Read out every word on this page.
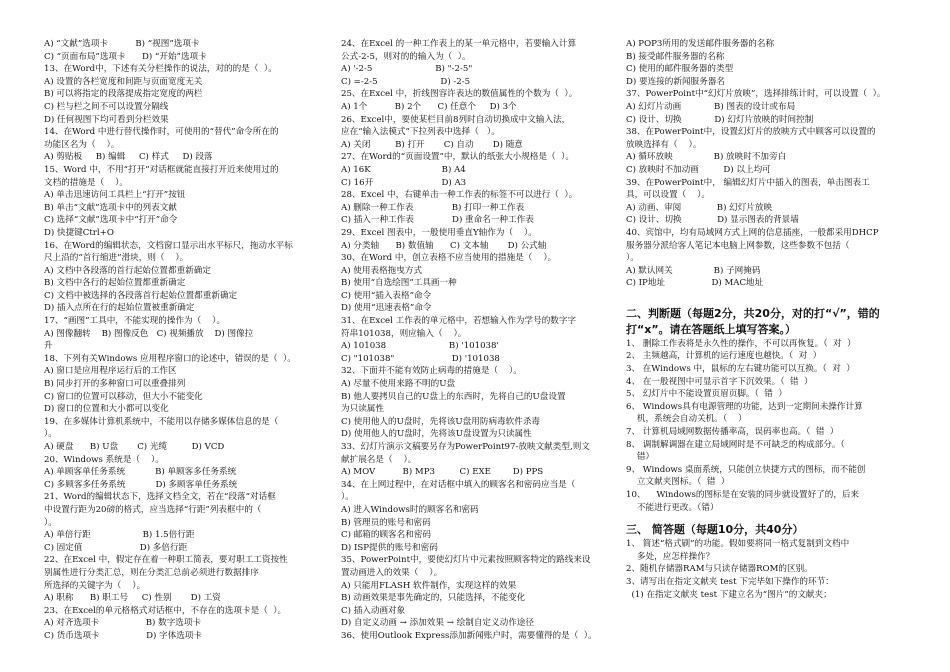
A) “文献”选项卡          B) “视图”选项卡
C) “页面布局”选项卡      D) “开始”选项卡
13、在Word中，下述有关分栏操作的说法，对的的是（  ）。
A) 设置的各栏宽度和间距与页面宽度无关
B) 可以将指定的段落提成指定宽度的两栏
C) 栏与栏之间不可以设置分隔线
D) 任何视图下均可看到分栏效果
14、在Word 中进行替代操作时，可使用的“替代”命令所在的
功能区名为（    ）。
A) 剪贴板     B) 编辑     C) 样式     D) 段落
15、Word 中，不用“打开”对话框就能直接打开近来使用过的
文档的措施是（    ）。
A) 单击迅速访问工具栏上“打开”按钮
B) 单击“文献”选项卡中的列表文献
C) 选择“文献”选项卡中“打开”命令
D) 快捷键Ctrl+O
16、在Word的编辑状态，文档窗口显示出水平标尺，拖动水平标
尺上沿的“首行缩进”滑块，则（    ）。
A) 文档中各段落的首行起始位置都重新确定
B) 文档中各行的起始位置都重新确定
C) 文档中被选择的各段落首行起始位置都重新确定
D) 插入点所在行的起始位置被重新确定
17、“画图”工具中，不能实现的操作为（    ）。
A) 图像翻转    B) 图像反色   C) 视频播放    D) 图像拉
升
18、下列有关Windows 应用程序窗口的论述中，错误的是（  ）。
A) 窗口是应用程序运行后的工作区
B) 同步打开的多种窗口可以重叠排列
C) 窗口的位置可以移动，但大小不能变化
D) 窗口的位置和大小都可以变化
19、在多媒体计算机系统中，不能用以存储多媒体信息的是（
）。
A) 硬盘      B) U盘       C) 光缆         D) VCD
20、Windows 系统是（    ）。
A) 单顾客单任务系统           B) 单顾客多任务系统
C) 多顾客多任务系统           D) 多顾客单任务系统
21、Word的编辑状态下，选择文档全文，若在“段落”对话框
中设置行距为20磅的格式，应当选择“行距”列表框中的（
）。
A) 单倍行距                   B) 1.5倍行距
C) 固定值                     D) 多倍行距
22、在Excel 中，假定存在着一种职工简表，要对职工工资按性
别属性进行分类汇总，则在分类汇总前必须进行数据排序
所选择的关键字为（    ）。
A) 职称      B) 职工号     C) 性别       D) 工资
23、在Excel的单元格格式对话框中，不存在的选项卡是（  ）。
A) 对齐选项卡                 B) 数字选项卡
C) 货币选项卡                 D) 字体选项卡
24、在Excel 的一种工作表上的某一单元格中，若要输入计算
公式-2-5，则对的的输入为（  ）。
A) '-2-5                       B) "-2-5"
C) =-2-5                       D) -2-5
25、在Excel 中，折线图容许表达的数值属性的个数为（  ）。
A) 1个          B) 2个      C) 任意个     D) 3个
26、Excel中，要使某栏目前8列时自动切换成中文输入法，
应在“输入法模式”下拉列表中选择（   ）。
A) 关闭         B) 打开       C) 自动       D) 随意
27、在Word的“页面设置”中，默认的纸张大小规格是（  ）。
A) 16K                          B) A4
C) 16开                         D) A3
28、Excel 中，右键单击一种工作表的标签不可以进行（  ）。
A) 删除一种工作表              B) 打印一种工作表
C) 插入一种工作表              D) 重命名一种工作表
29、Excel 图表中，一般使用垂直Y轴作为（    ）。
A) 分类轴      B) 数值轴      C) 文本轴       D) 公式轴
30、在Word 中，创立表格不应当使用的措施是（    ）。
A) 使用表格拖曳方式
B) 使用“自选绘图”工具画一种
C) 使用“插入表格”命令
D) 使用“迅速表格”命令
31、在Excel 工作表的单元格中，若想输入作为学号的数字字
符串101038，则应输入（    ）。
A) 101038                       B) '101038'
C) "101038"                     D) '101038
32、下面并不能有效防止病毒的措施是（    ）。
A) 尽量不使用来路不明的U盘
B) 他人要拷贝自己的U盘上的东西时，先将自己的U盘设置
为只读属性
C) 使用他人的U盘时，先将该U盘用防病毒软件杀毒
D) 使用他人的U盘时，先将该U盘设置为只读属性
33、幻灯片演示文稿要另存为PowerPoint97-放映文献类型,则文
献扩展名是（    ）。
A) MOV          B) MP3         C) EXE        D) PPS
34、在上网过程中，在对话框中填入的顾客名和密码应当是（
）。
A) 进入Windows时的顾客名和密码
B) 管理员的账号和密码
C) 邮箱的顾客名和密码
D) ISP提供的账号和密码
35、PowerPoint中，要使幻灯片中元素按照顾客特定的路线来设
置动画进入的效果（    ）。
A) 只能用FLASH 软件制作，实现这样的效果
B) 动画效果是事先确定的，只能选择，不能变化
C) 插入动画对象
D) 自定义动画 → 添加效果 → 绘制自定义动作途径
36、使用Outlook Express添加新闻账户时，需要懂得的是（  ）。
A) POP3所用的发送邮件服务器的名称
B) 接受邮件服务器的名称
C) 使用的邮件服务器的类型
D) 要连接的新闻服务器名
37、PowerPoint中“幻灯片放映”，选择排练计时，可以设置（  ）。
A) 幻灯片动画            B) 图表的设计或布局
C) 设计、切换            D) 幻灯片放映的时间控制
38、在PowerPoint中，设置幻灯片的放映方式中顾客可以设置的
放映选择有（    ）。
A) 循环放映               B) 放映时不加旁白
C) 放映时不加动画         D) 以上均可
39、在PowerPoint中， 编辑幻灯片中插入的图表，单击图表工
具，可以设置（    ）。
A) 动画、审阅             B) 幻灯片放映
C) 设计、切换             D) 显示图表的背景墙
40、宾馆中，均有局域网方式上网的信息插座，一般都采用DHCP
服务器分派给客人笔记本电脑上网参数，这些参数不包括（
）。
A) 默认网关               B) 子网掩码
C) IP地址                 D) MAC地址
二、判断题（每题2分，共20分，对的打“√”，错的
打“x”。请在答题纸上填写答案。）
1、 删除工作表将是永久性的操作，不可以再恢复。（  对  ）
2、 主频越高，计算机的运行速度也越快。（  对  ）
3、 在Windows 中，鼠标的左右键功能可以互换。（  对  ）
4、 在一般视图中可显示首字下沉效果。（  错  ）
5、 幻灯片中不能设置页眉页脚。（  错  ）
6、 Windows具有电源管理的功能，达到一定期间未操作计算
机，系统会自动关机。（    ）
7、 计算机局域网数据传播率高，误码率也高。（  错  ）
8、 调制解调器在建立局域网时是不可缺乏的构成部分。（
错）
9、 Windows 桌面系统，只能创立快捷方式的图标，而不能创
立文献夹图标。（  错  ）
10、    Windows的图标是在安装的同步就设置好了的，后来
不能进行更改。（错）
三、 简答题（每题10分，共40分）
1、 简述“格式刷”的功能。假如要将同一格式复制到文档中
多处，应怎样操作？
2、随机存储器RAM与只读存储器ROM的区别。
3、请写出在指定文献夹 test 下完毕如下操作的环节：
(1) 在指定文献夹 test 下建立名为“图片”的文献夹；
